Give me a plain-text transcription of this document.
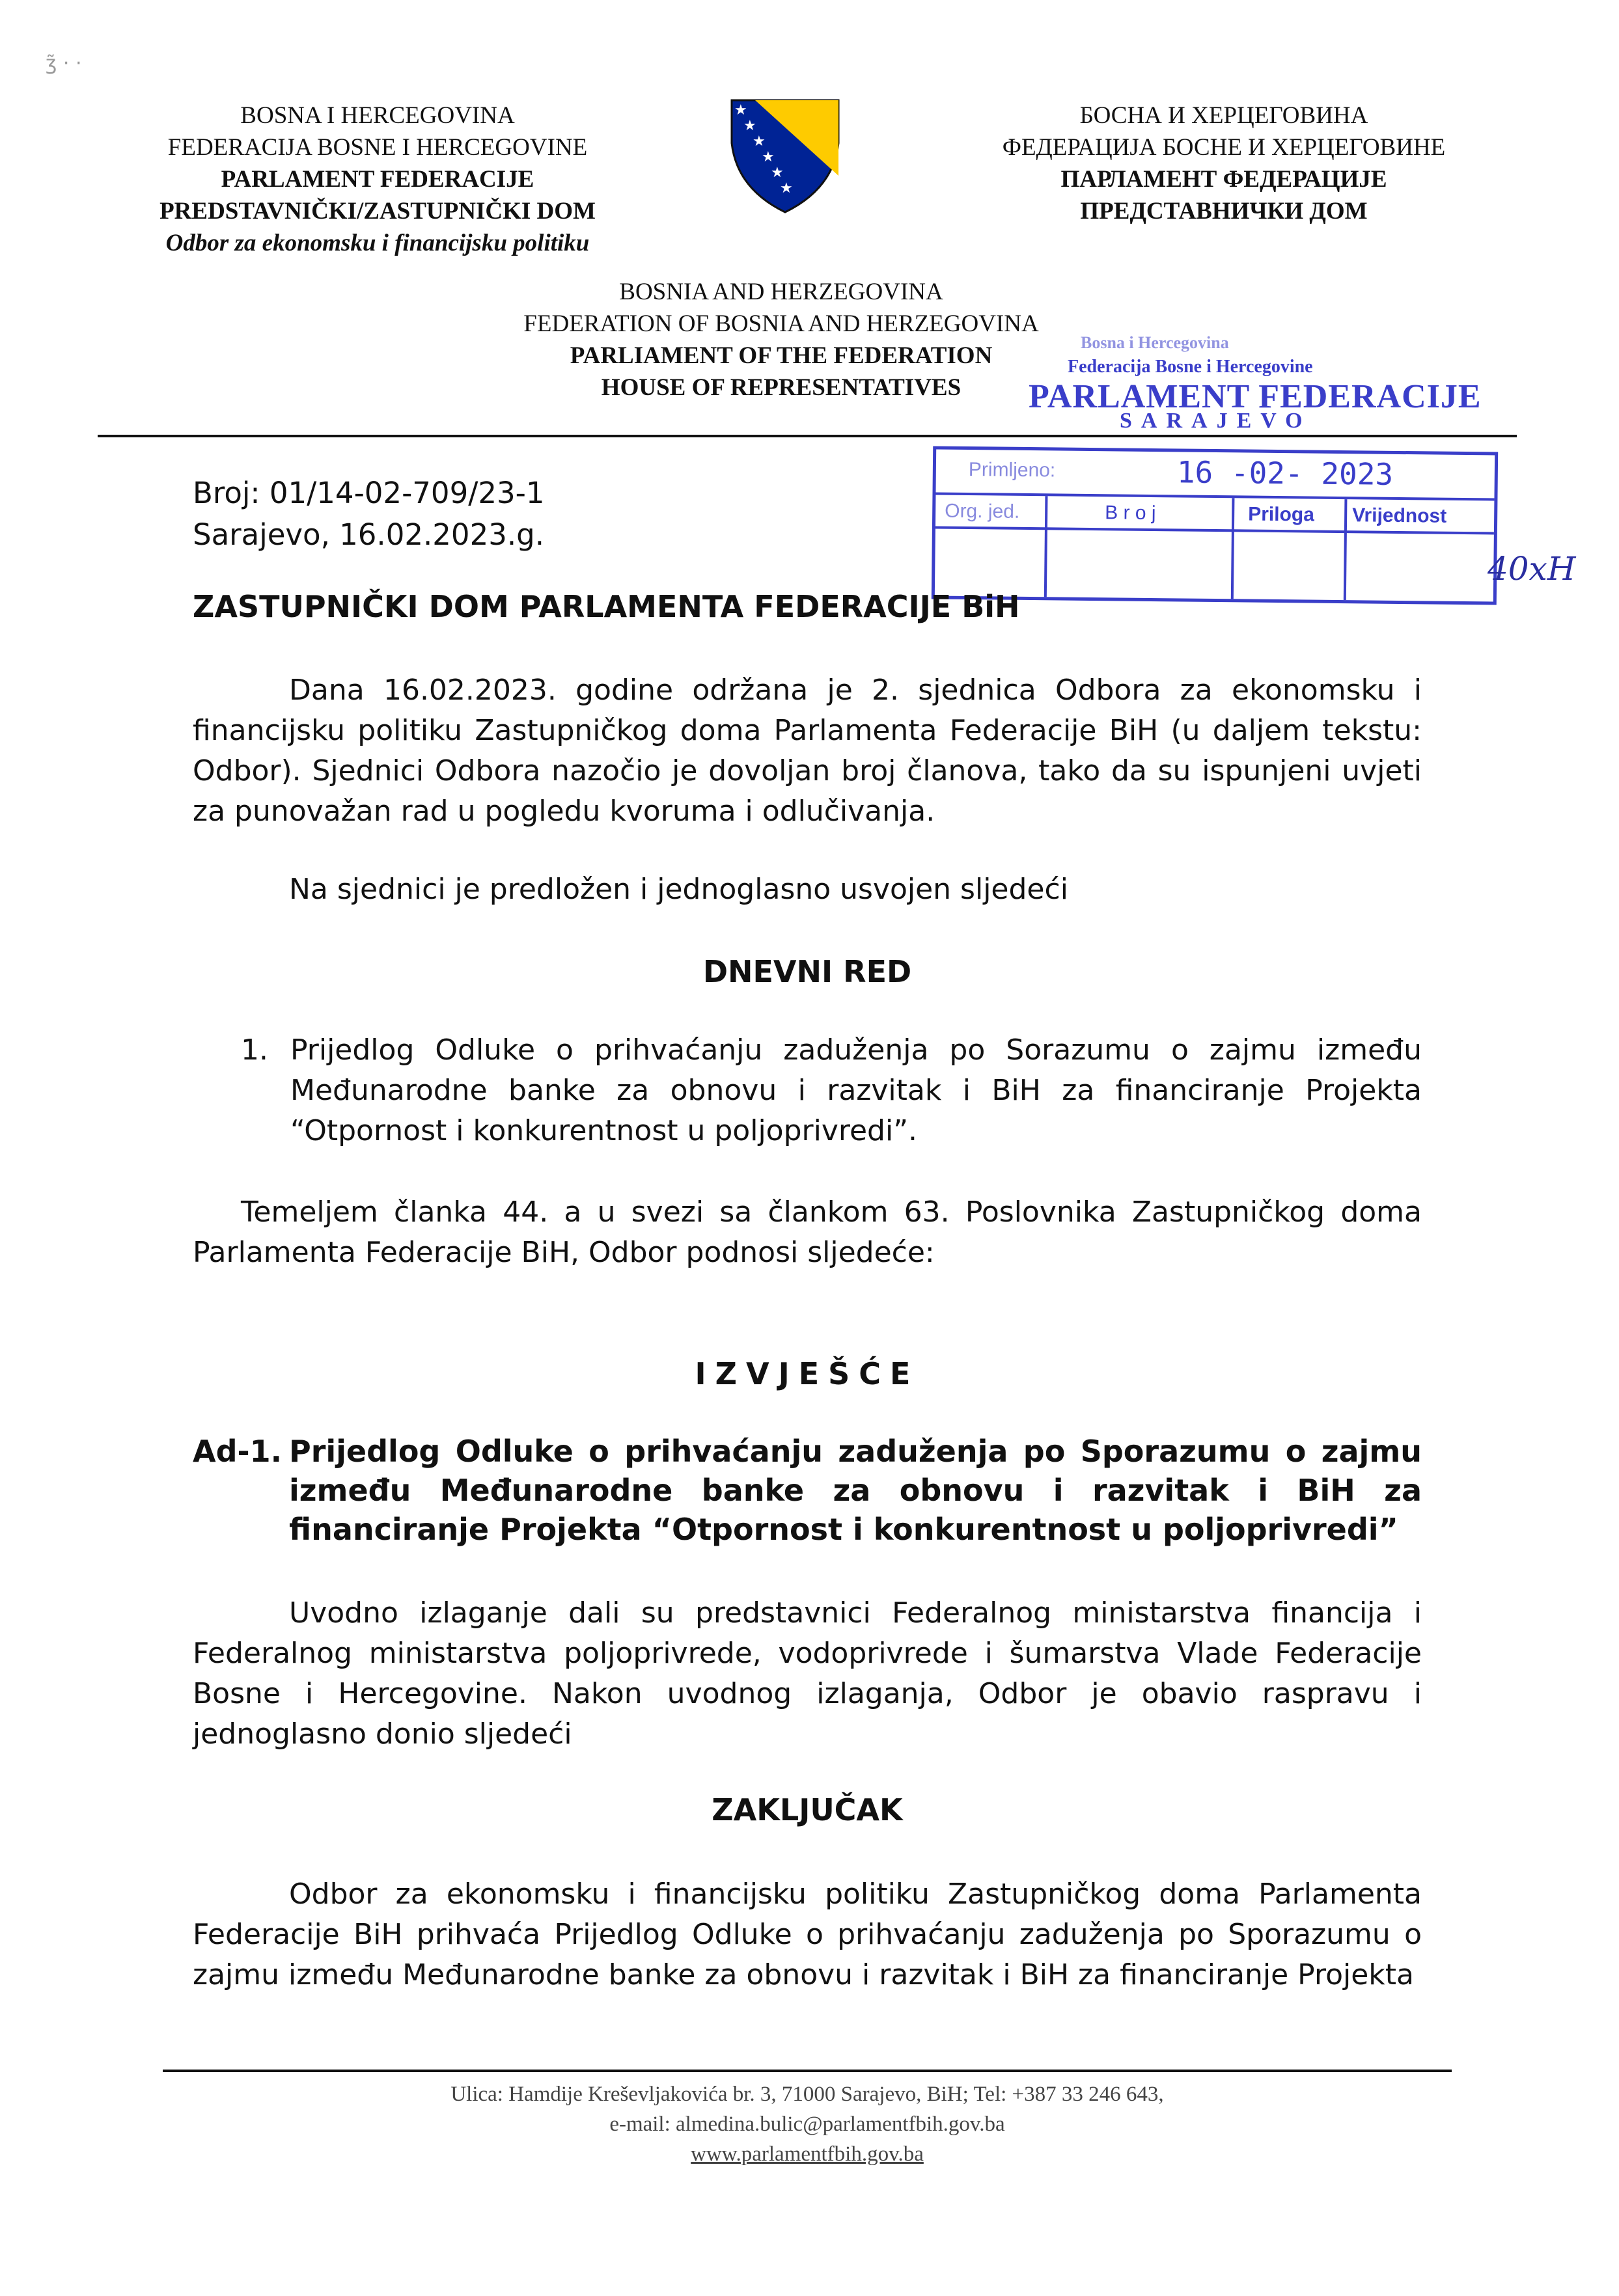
ʒ̃ · ·
BOSNA I HERCEGOVINA
FEDERACIJA BOSNE I HERCEGOVINE
PARLAMENT FEDERACIJE
PREDSTAVNIČKI/ZASTUPNIČKI DOM
Odbor za ekonomsku i financijsku politiku
★
★
★
★
★
★
БОСНА И ХЕРЦЕГОВИНА
ФЕДЕРАЦИЈА БОСНЕ И ХЕРЦЕГОВИНЕ
ПАРЛАМЕНТ ФЕДЕРАЦИЈЕ
ПРЕДСТАВНИЧКИ ДОМ
BOSNIA AND HERZEGOVINA
FEDERATION OF BOSNIA AND HERZEGOVINA
PARLIAMENT OF THE FEDERATION
HOUSE OF REPRESENTATIVES
Bosna i Hercegovina
Federacija Bosne i Hercegovine
PARLAMENT FEDERACIJE
SARAJEVO
Primljeno:	16 -02- 2023
Org. jed.	B r o j	Priloga Vrijednost
40xH
Broj: 01/14-02-709/23-1
Sarajevo, 16.02.2023.g.
ZASTUPNIČKI DOM PARLAMENTA FEDERACIJE BiH
Dana 16.02.2023. godine održana je 2. sjednica Odbora za ekonomsku i financijsku politiku Zastupničkog doma Parlamenta Federacije BiH (u daljem tekstu: Odbor). Sjednici Odbora nazočio je dovoljan broj članova, tako da su ispunjeni uvjeti za punovažan rad u pogledu kvoruma i odlučivanja.
Na sjednici je predložen i jednoglasno usvojen sljedeći
DNEVNI RED
1. Prijedlog Odluke o prihvaćanju zaduženja po Sorazumu o zajmu između Međunarodne banke za obnovu i razvitak i BiH za financiranje Projekta “Otpornost i konkurentnost u poljoprivredi”.
Temeljem članka 44. a u svezi sa člankom 63. Poslovnika Zastupničkog doma Parlamenta Federacije BiH, Odbor podnosi sljedeće:
IZVJEŠĆE
Ad-1. Prijedlog Odluke o prihvaćanju zaduženja po Sporazumu o zajmu između Međunarodne banke za obnovu i razvitak i BiH za financiranje Projekta “Otpornost i konkurentnost u poljoprivredi”
Uvodno izlaganje dali su predstavnici Federalnog ministarstva financija i Federalnog ministarstva poljoprivrede, vodoprivrede i šumarstva Vlade Federacije Bosne i Hercegovine. Nakon uvodnog izlaganja, Odbor je obavio raspravu i jednoglasno donio sljedeći
ZAKLJUČAK
Odbor za ekonomsku i financijsku politiku Zastupničkog doma Parlamenta Federacije BiH prihvaća Prijedlog Odluke o prihvaćanju zaduženja po Sporazumu o zajmu između Međunarodne banke za obnovu i razvitak i BiH za financiranje Projekta
Ulica: Hamdije Kreševljakovića br. 3, 71000 Sarajevo, BiH; Tel: +387 33 246 643,
e-mail: almedina.bulic@parlamentfbih.gov.ba
www.parlamentfbih.gov.ba
